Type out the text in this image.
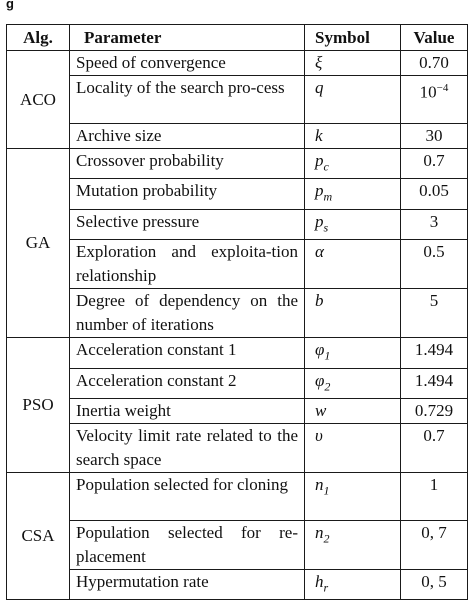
g
Alg.	Parameter	Symbol	Value
ACO	Speed of convergence	ξ	0.70
	Locality of the search pro-cess	q	$10^{-4}$
	Archive size	k	30
GA	Crossover probability	$p_c$	0.7
	Mutation probability	$p_m$	0.05
	Selective pressure	$p_s$	3
	Exploration and exploita-tion relationship	α	0.5
	Degree of dependency on the number of iterations	b	5
PSO	Acceleration constant 1	$\varphi_1$	1.494
	Acceleration constant 2	$\varphi_2$	1.494
	Inertia weight	w	0.729
	Velocity limit rate related to the search space	υ	0.7
CSA	Population selected for cloning	$n_1$	1
	Population selected for re-placement	$n_2$	0, 7
	Hypermutation rate	$h_r$	0, 5
